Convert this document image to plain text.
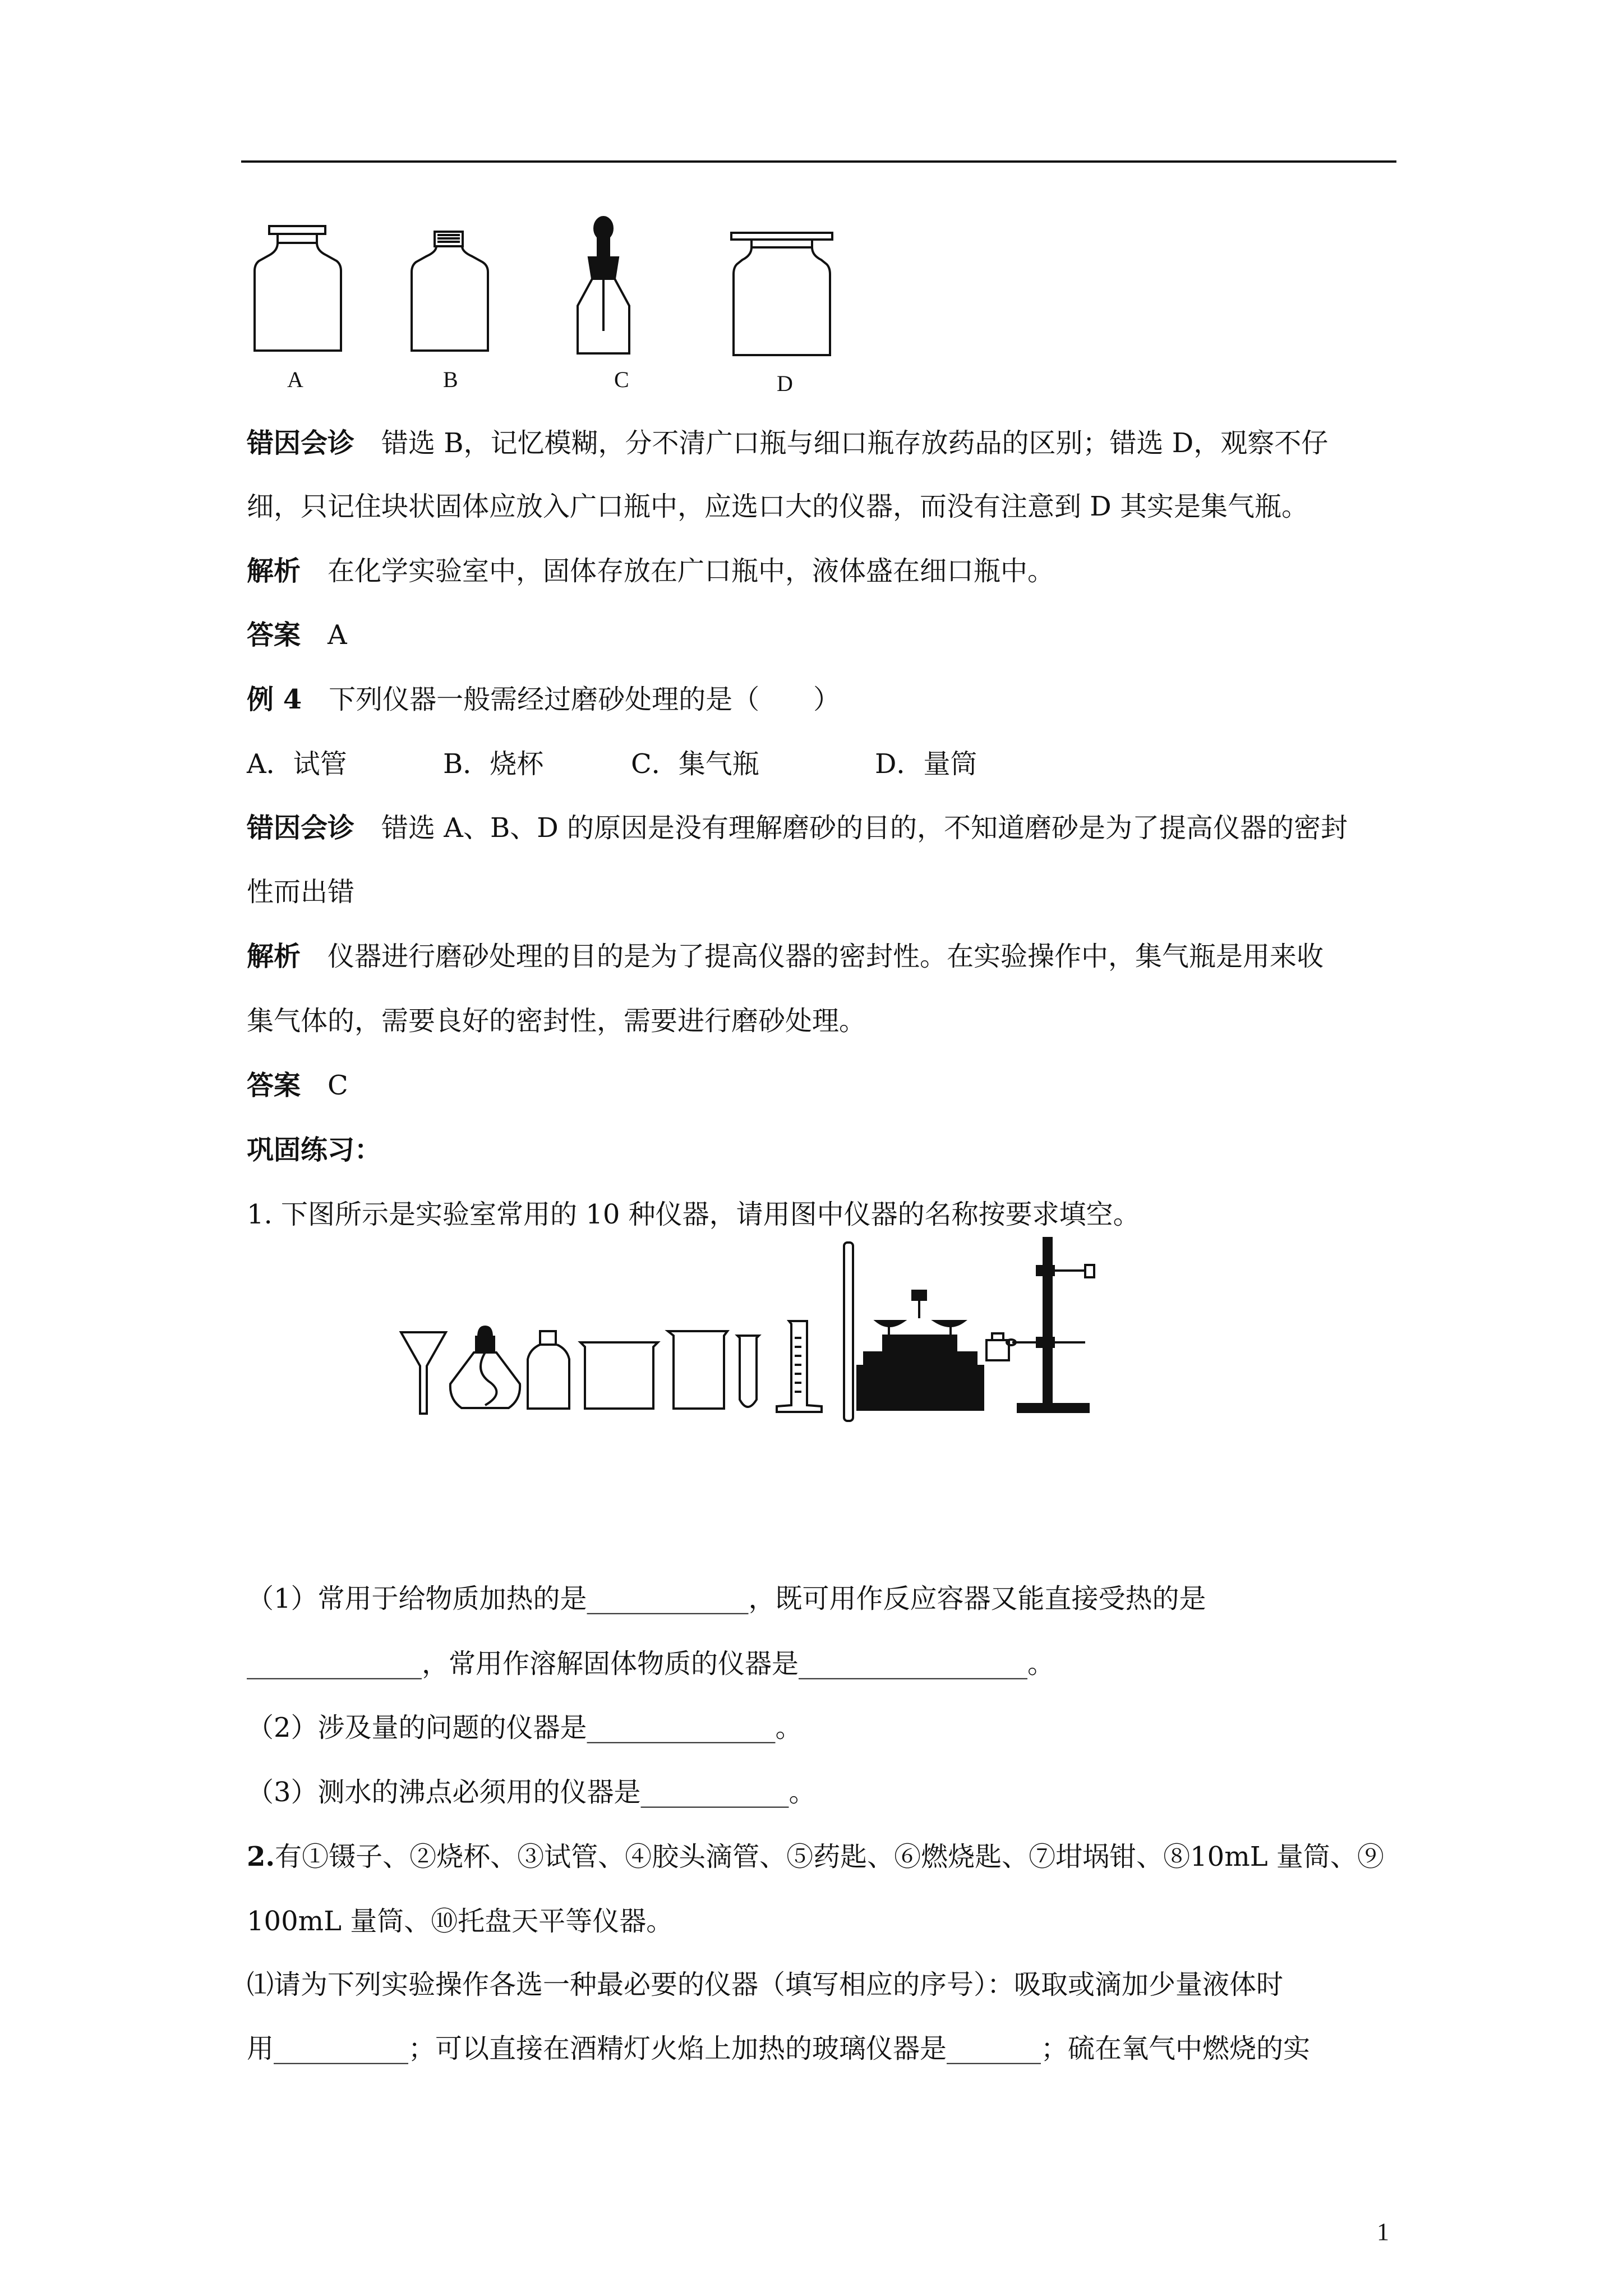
A	B	C	D
错因会诊 错选 B，记忆模糊，分不清广口瓶与细口瓶存放药品的区别；错选 D，观察不仔
细，只记住块状固体应放入广口瓶中，应选口大的仪器，而没有注意到 D 其实是集气瓶。
解析 在化学实验室中，固体存放在广口瓶中，液体盛在细口瓶中。
答案 A
例 4 下列仪器一般需经过磨砂处理的是（　　）
A．试管	B．烧杯	C．集气瓶	D．量筒
错因会诊 错选 A、B、D 的原因是没有理解磨砂的目的，不知道磨砂是为了提高仪器的密封
性而出错
解析 仪器进行磨砂处理的目的是为了提高仪器的密封性。在实验操作中，集气瓶是用来收
集气体的，需要良好的密封性，需要进行磨砂处理。
答案 C
巩固练习：
1. 下图所示是实验室常用的 10 种仪器，请用图中仪器的名称按要求填空。
（1）常用于给物质加热的是____________，既可用作反应容器又能直接受热的是
_____________，常用作溶解固体物质的仪器是_________________。
（2）涉及量的问题的仪器是______________。
（3）测水的沸点必须用的仪器是___________。
2.有①镊子、②烧杯、③试管、④胶头滴管、⑤药匙、⑥燃烧匙、⑦坩埚钳、⑧10mL 量筒、⑨
100mL 量筒、⑩托盘天平等仪器。
⑴请为下列实验操作各选一种最必要的仪器（填写相应的序号）：吸取或滴加少量液体时
用__________；可以直接在酒精灯火焰上加热的玻璃仪器是_______；硫在氧气中燃烧的实
1
